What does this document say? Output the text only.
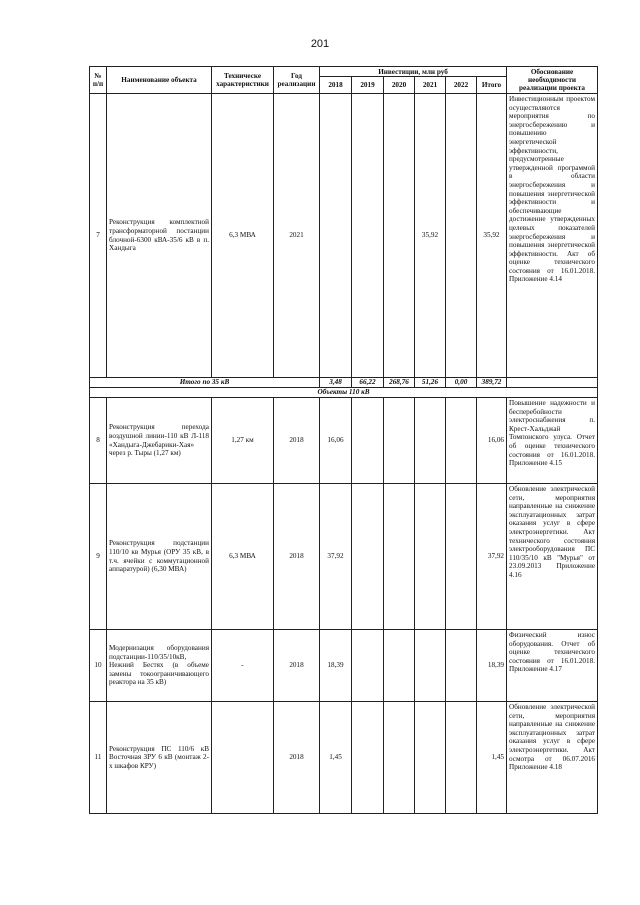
201
№ п/п	Наименование объекта	Техническе характеристики	Год реализации	Инвестиции, млн руб						Обоснование необходимости реализации проекта
				2018	2019	2020	2021	2022	Итого	
7	Реконструкция комплектной трансформаторной постанции блочной-6300 кВА-35/6 кВ в п. Хандыга	6,3 МВА	2021				35,92		35,92	Инвестиционным проектом осуществляются мероприятия по энергосбережению и повышению энергетической эффективности, предусмотренные утвержденной программой в области энергосбережения и повышения энергетической эффективности и обеспечивающие достижение утвержденных целевых показателей энергосбережения и повышения энергетической эффективности. Акт об оценке технического состояния от 16.01.2018. Приложение 4.14
Итого по 35 кВ				3,48	66,22	268,76	51,26	0,00	389,72	
Объекты 110 кВ										
8	Реконструкция перехода воздушной линии-110 кВ Л-118 «Хандыга-Джебарики-Хая» через р. Тыры (1,27 км)	1,27 км	2018	16,06					16,06	Повышение надежности и бесперебойности электроснабжения п. Крест-Хальджай Томпонского улуса. Отчет об оценке технического состояния от 16.01.2018. Приложение 4.15
9	Реконструкция подстанции 110/10 кв Мурья (ОРУ 35 кВ, в т.ч. ячейки с коммутационной аппаратурой) (6,30 МВА)	6,3 МВА	2018	37,92					37,92	Обновление электрической сети, мероприятия направленные на снижение эксплуатационных затрат оказания услуг в сфере электроэнергетики. Акт технического состояния электрооборудования ПС 110/35/10 кВ "Мурья" от 23.09.2013 Приложение 4.16
10	Модернизация оборудования подстанции-110/35/10кВ, Нежний Бестях (в объеме замены токоограничивающего реактора на 35 кВ)	-	2018	18,39					18,39	Физический износ оборудования. Отчет об оценке технического состояния от 16.01.2018. Приложение 4.17
11	Реконструкция ПС 110/6 кВ Восточная ЗРУ 6 кВ (монтаж 2-х шкафов КРУ)		2018	1,45					1,45	Обновление электрической сети, мероприятия направленные на снижение эксплуатационных затрат оказания услуг в сфере электроэнергетики. Акт осмотра от 06.07.2016 Приложение 4.18
